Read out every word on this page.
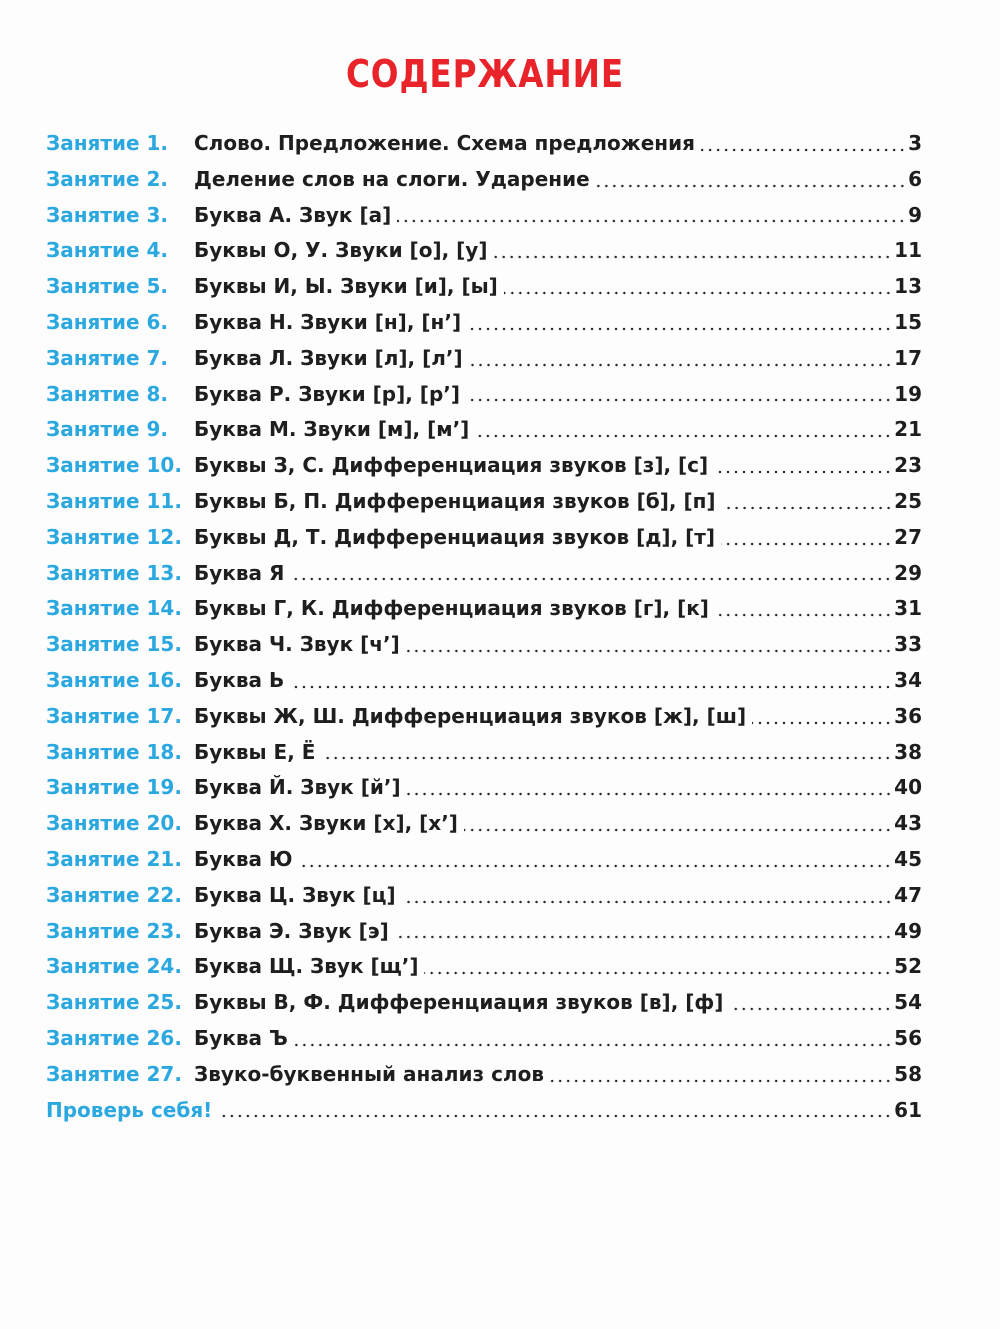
СОДЕРЖАНИЕ
Занятие 1. Слово. Предложение. Схема предложения	3
Занятие 2. Деление слов на слоги. Ударение	6
Занятие 3. Буква А. Звук [а]	9
Занятие 4. Буквы О, У. Звуки [о], [у]	11
Занятие 5. Буквы И, Ы. Звуки [и], [ы]	13
Занятие 6. Буква Н. Звуки [н], [н’]	15
Занятие 7. Буква Л. Звуки [л], [л’]	17
Занятие 8. Буква Р. Звуки [р], [р’]	19
Занятие 9. Буква М. Звуки [м], [м’]	21
Занятие 10. Буквы З, С. Дифференциация звуков [з], [с]	23
Занятие 11. Буквы Б, П. Дифференциация звуков [б], [п]	25
Занятие 12. Буквы Д, Т. Дифференциация звуков [д], [т]	27
Занятие 13. Буква Я	29
Занятие 14. Буквы Г, К. Дифференциация звуков [г], [к]	31
Занятие 15. Буква Ч. Звук [ч’]	33
Занятие 16. Буква Ь	34
Занятие 17. Буквы Ж, Ш. Дифференциация звуков [ж], [ш]	36
Занятие 18. Буквы Е, Ё	38
Занятие 19. Буква Й. Звук [й’]	40
Занятие 20. Буква Х. Звуки [х], [х’]	43
Занятие 21. Буква Ю	45
Занятие 22. Буква Ц. Звук [ц]	47
Занятие 23. Буква Э. Звук [э]	49
Занятие 24. Буква Щ. Звук [щ’]	52
Занятие 25. Буквы В, Ф. Дифференциация звуков [в], [ф]	54
Занятие 26. Буква Ъ	56
Занятие 27. Звуко-буквенный анализ слов	58
Проверь себя!	61
